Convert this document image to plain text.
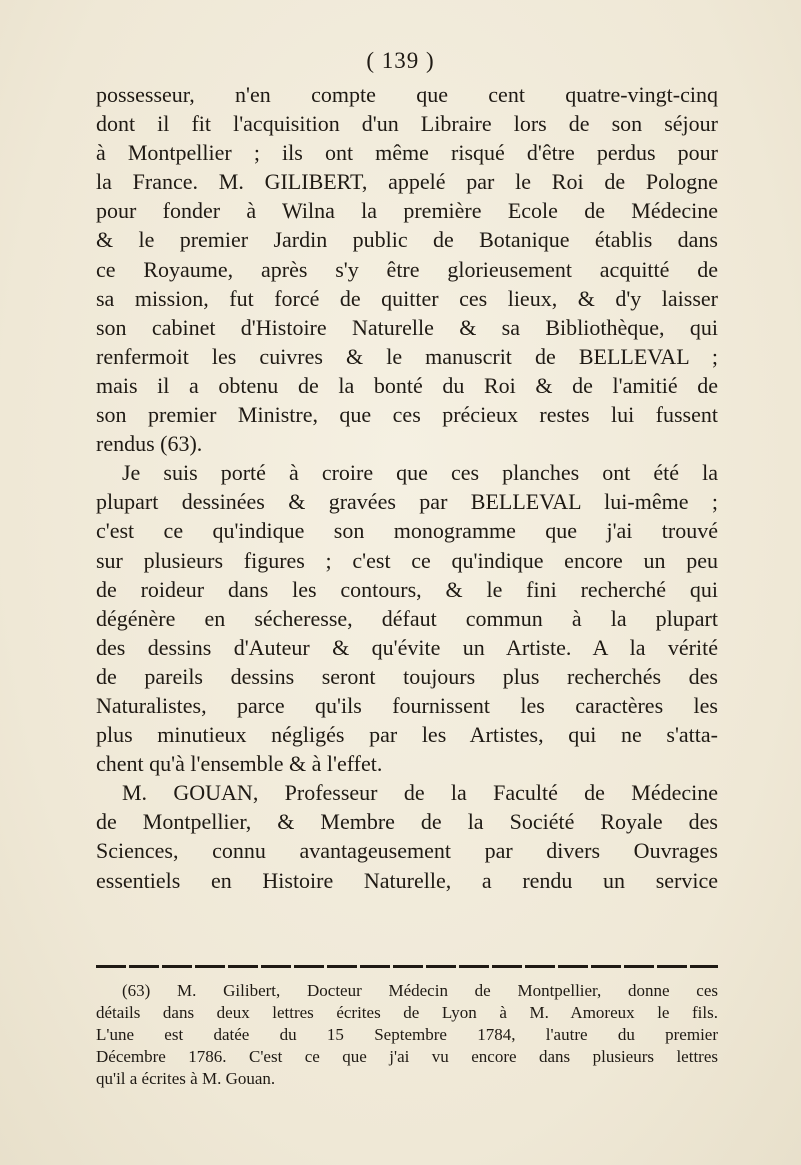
( 139 )
possesseur, n'en compte que cent quatre-vingt-cinq
dont il fit l'acquisition d'un Libraire lors de son séjour
à Montpellier ; ils ont même risqué d'être perdus pour
la France. M. GILIBERT, appelé par le Roi de Pologne
pour fonder à Wilna la première Ecole de Médecine
& le premier Jardin public de Botanique établis dans
ce Royaume, après s'y être glorieusement acquitté de
sa mission, fut forcé de quitter ces lieux, & d'y laisser
son cabinet d'Histoire Naturelle & sa Bibliothèque, qui
renfermoit les cuivres & le manuscrit de BELLEVAL ;
mais il a obtenu de la bonté du Roi & de l'amitié de
son premier Ministre, que ces précieux restes lui fussent
rendus (63).
Je suis porté à croire que ces planches ont été la
plupart dessinées & gravées par BELLEVAL lui-même ;
c'est ce qu'indique son monogramme que j'ai trouvé
sur plusieurs figures ; c'est ce qu'indique encore un peu
de roideur dans les contours, & le fini recherché qui
dégénère en sécheresse, défaut commun à la plupart
des dessins d'Auteur & qu'évite un Artiste. A la vérité
de pareils dessins seront toujours plus recherchés des
Naturalistes, parce qu'ils fournissent les caractères les
plus minutieux négligés par les Artistes, qui ne s'atta-
chent qu'à l'ensemble & à l'effet.
M. GOUAN, Professeur de la Faculté de Médecine
de Montpellier, & Membre de la Société Royale des
Sciences, connu avantageusement par divers Ouvrages
essentiels en Histoire Naturelle, a rendu un service
(63) M. Gilibert, Docteur Médecin de Montpellier, donne ces
détails dans deux lettres écrites de Lyon à M. Amoreux le fils.
L'une est datée du 15 Septembre 1784, l'autre du premier
Décembre 1786. C'est ce que j'ai vu encore dans plusieurs lettres
qu'il a écrites à M. Gouan.
